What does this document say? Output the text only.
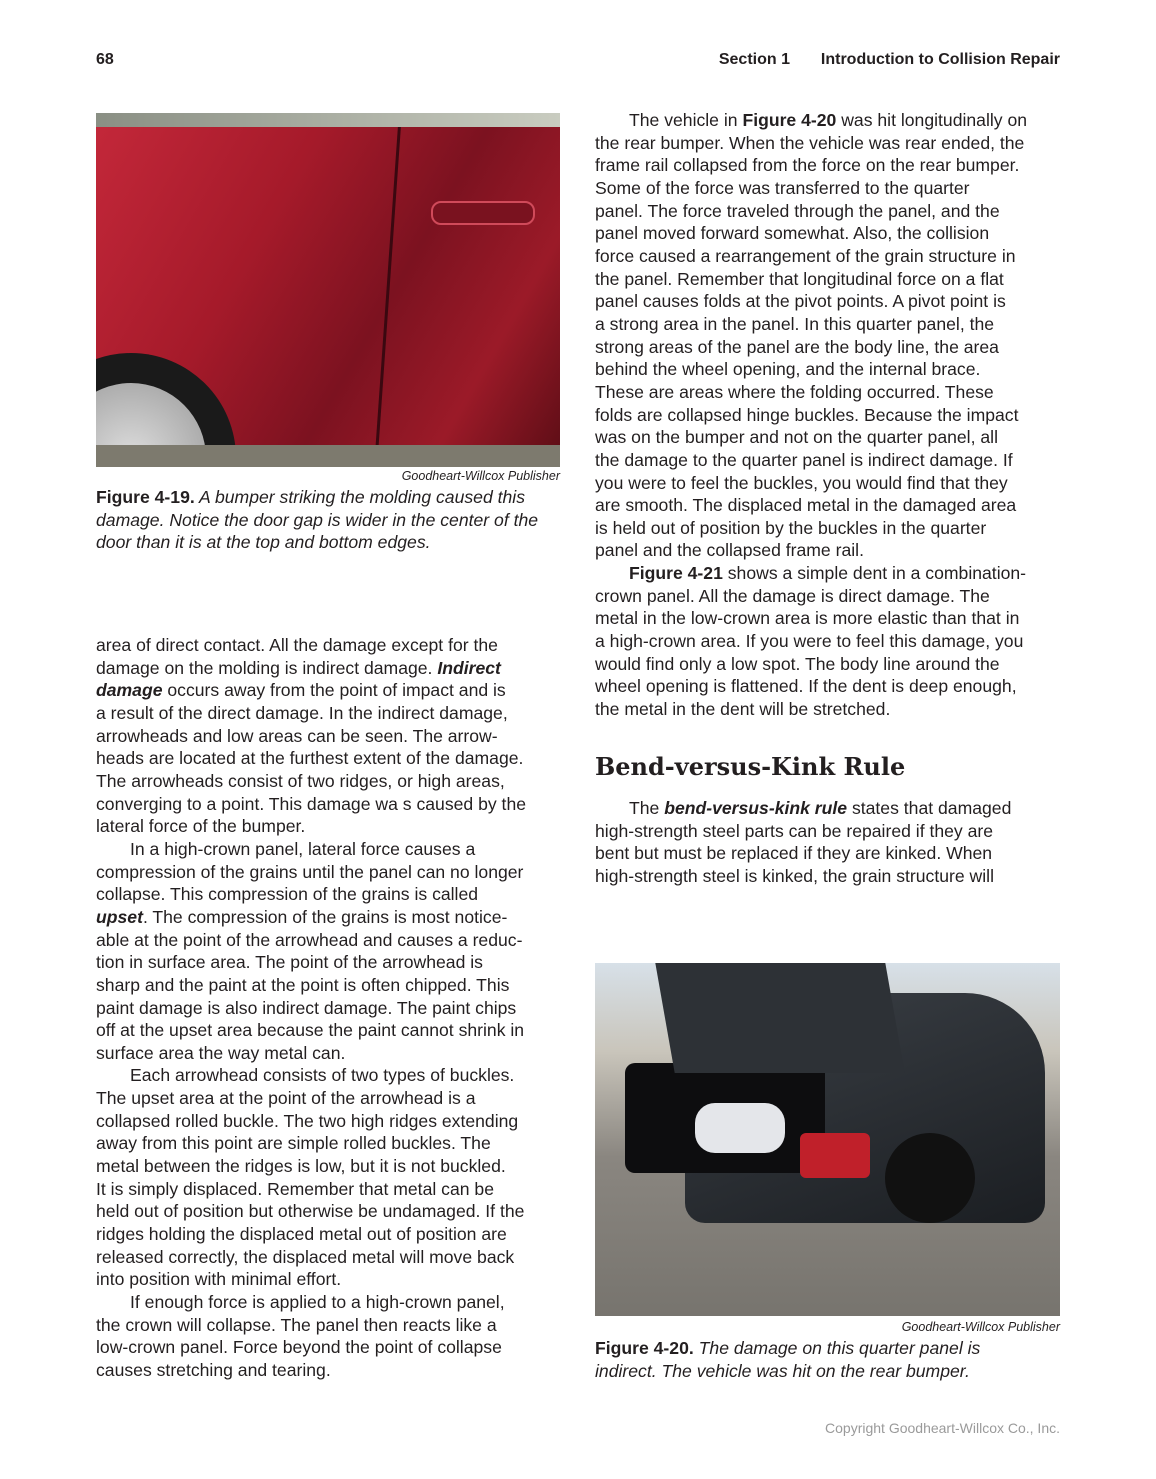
68	Section 1 Introduction to Collision Repair
Goodheart-Willcox Publisher
Figure 4-19. A bumper striking the molding caused this damage. Notice the door gap is wider in the center of the door than it is at the top and bottom edges.
area of direct contact. All the damage except for the
damage on the molding is indirect damage. Indirect
damage occurs away from the point of impact and is
a result of the direct damage. In the indirect damage,
arrowheads and low areas can be seen. The arrow-
heads are located at the furthest extent of the damage.
The arrowheads consist of two ridges, or high areas,
converging to a point. This damage wa s caused by the
lateral force of the bumper.
In a high-crown panel, lateral force causes a
compression of the grains until the panel can no longer
collapse. This compression of the grains is called
upset. The compression of the grains is most notice-
able at the point of the arrowhead and causes a reduc-
tion in surface area. The point of the arrowhead is
sharp and the paint at the point is often chipped. This
paint damage is also indirect damage. The paint chips
off at the upset area because the paint cannot shrink in
surface area the way metal can.
Each arrowhead consists of two types of buckles.
The upset area at the point of the arrowhead is a
collapsed rolled buckle. The two high ridges extending
away from this point are simple rolled buckles. The
metal between the ridges is low, but it is not buckled.
It is simply displaced. Remember that metal can be
held out of position but otherwise be undamaged. If the
ridges holding the displaced metal out of position are
released correctly, the displaced metal will move back
into position with minimal effort.
If enough force is applied to a high-crown panel,
the crown will collapse. The panel then reacts like a
low-crown panel. Force beyond the point of collapse
causes stretching and tearing.
The vehicle in Figure 4-20 was hit longitudinally on
the rear bumper. When the vehicle was rear ended, the
frame rail collapsed from the force on the rear bumper.
Some of the force was transferred to the quarter
panel. The force traveled through the panel, and the
panel moved forward somewhat. Also, the collision
force caused a rearrangement of the grain structure in
the panel. Remember that longitudinal force on a flat
panel causes folds at the pivot points. A pivot point is
a strong area in the panel. In this quarter panel, the
strong areas of the panel are the body line, the area
behind the wheel opening, and the internal brace.
These are areas where the folding occurred. These
folds are collapsed hinge buckles. Because the impact
was on the bumper and not on the quarter panel, all
the damage to the quarter panel is indirect damage. If
you were to feel the buckles, you would find that they
are smooth. The displaced metal in the damaged area
is held out of position by the buckles in the quarter
panel and the collapsed frame rail.
Figure 4-21 shows a simple dent in a combination-
crown panel. All the damage is direct damage. The
metal in the low-crown area is more elastic than that in
a high-crown area. If you were to feel this damage, you
would find only a low spot. The body line around the
wheel opening is flattened. If the dent is deep enough,
the metal in the dent will be stretched.
Bend-versus-Kink Rule
The bend-versus-kink rule states that damaged
high-strength steel parts can be repaired if they are
bent but must be replaced if they are kinked. When
high-strength steel is kinked, the grain structure will
Goodheart-Willcox Publisher
Figure 4-20. The damage on this quarter panel is indirect. The vehicle was hit on the rear bumper.
Copyright Goodheart-Willcox Co., Inc.
